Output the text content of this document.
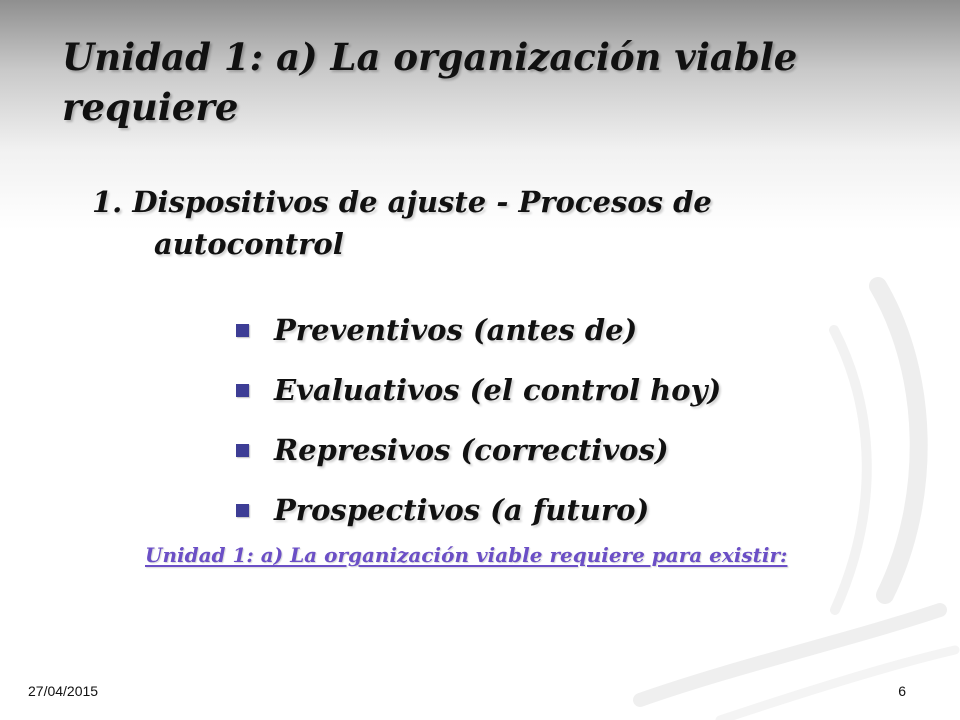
Unidad 1: a) La organización viable requiere
1. Dispositivos de ajuste - Procesos de
autocontrol
Preventivos (antes de)
Evaluativos (el control hoy)
Represivos (correctivos)
Prospectivos (a futuro)
Unidad 1: a) La organización viable requiere para existir:
27/04/2015	6
